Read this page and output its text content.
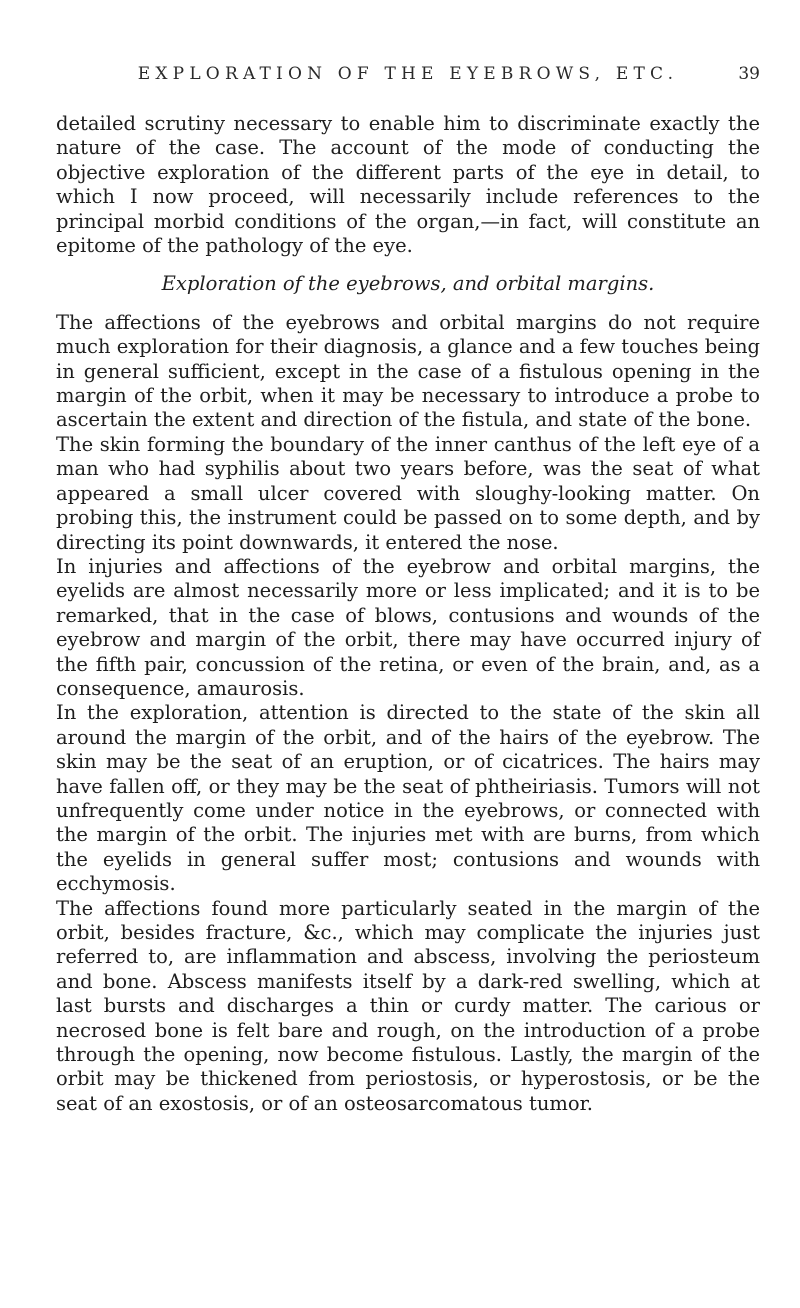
EXPLORATION OF THE EYEBROWS, ETC.	39

detailed scrutiny necessary to enable him to discriminate exactly the nature of the case. The account of the mode of conducting the objective exploration of the different parts of the eye in detail, to which I now proceed, will necessarily include references to the principal morbid conditions of the organ,—in fact, will constitute an epitome of the pathology of the eye.

Exploration of the eyebrows, and orbital margins.

The affections of the eyebrows and orbital margins do not require much exploration for their diagnosis, a glance and a few touches being in general sufficient, except in the case of a fistulous opening in the margin of the orbit, when it may be necessary to introduce a probe to ascertain the extent and direction of the fistula, and state of the bone.

The skin forming the boundary of the inner canthus of the left eye of a man who had syphilis about two years before, was the seat of what appeared a small ulcer covered with sloughy-looking matter. On probing this, the instrument could be passed on to some depth, and by directing its point downwards, it entered the nose.

In injuries and affections of the eyebrow and orbital margins, the eyelids are almost necessarily more or less implicated; and it is to be remarked, that in the case of blows, contusions and wounds of the eyebrow and margin of the orbit, there may have occurred injury of the fifth pair, concussion of the retina, or even of the brain, and, as a consequence, amaurosis.

In the exploration, attention is directed to the state of the skin all around the margin of the orbit, and of the hairs of the eyebrow. The skin may be the seat of an eruption, or of cicatrices. The hairs may have fallen off, or they may be the seat of phtheiriasis. Tumors will not unfrequently come under notice in the eyebrows, or connected with the margin of the orbit. The injuries met with are burns, from which the eyelids in general suffer most; contusions and wounds with ecchymosis.

The affections found more particularly seated in the margin of the orbit, besides fracture, &c., which may complicate the injuries just referred to, are inflammation and abscess, involving the periosteum and bone. Abscess manifests itself by a dark-red swelling, which at last bursts and discharges a thin or curdy matter. The carious or necrosed bone is felt bare and rough, on the introduction of a probe through the opening, now become fistulous. Lastly, the margin of the orbit may be thickened from periostosis, or hyperostosis, or be the seat of an exostosis, or of an osteosarcomatous tumor.
